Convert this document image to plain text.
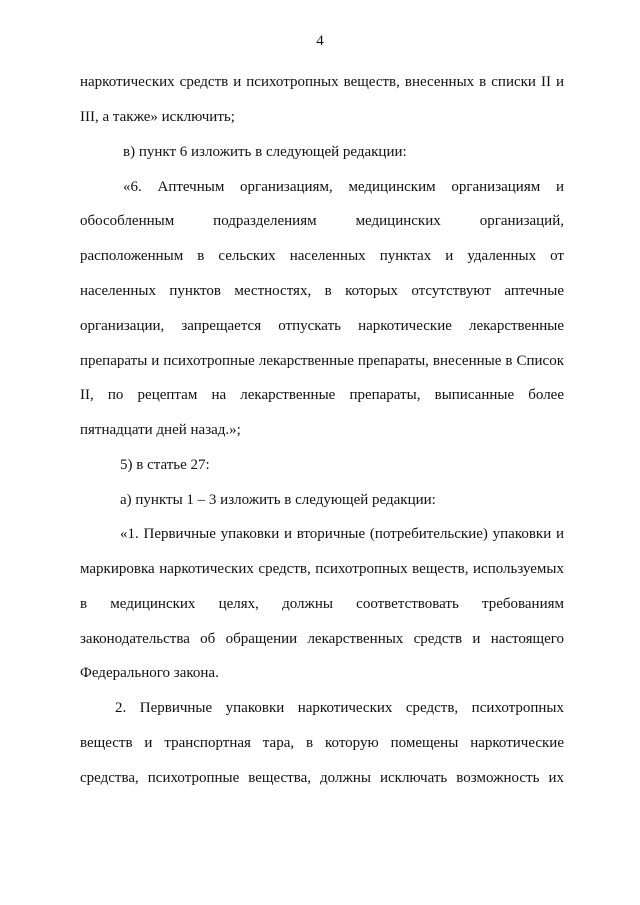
4
наркотических средств и психотропных веществ, внесенных в списки II и
III, а также» исключить;
в) пункт 6 изложить в следующей редакции:
«6. Аптечным организациям, медицинским организациям и
обособленным подразделениям медицинских организаций,
расположенным в сельских населенных пунктах и удаленных от
населенных пунктов местностях, в которых отсутствуют аптечные
организации, запрещается отпускать наркотические лекарственные
препараты и психотропные лекарственные препараты, внесенные в Список
II, по рецептам на лекарственные препараты, выписанные более
пятнадцати дней назад.»;
5) в статье 27:
а) пункты 1 – 3 изложить в следующей редакции:
«1. Первичные упаковки и вторичные (потребительские) упаковки и
маркировка наркотических средств, психотропных веществ, используемых
в медицинских целях, должны соответствовать требованиям
законодательства об обращении лекарственных средств и настоящего
Федерального закона.
2. Первичные упаковки наркотических средств, психотропных
веществ и транспортная тара, в которую помещены наркотические
средства, психотропные вещества, должны исключать возможность их
